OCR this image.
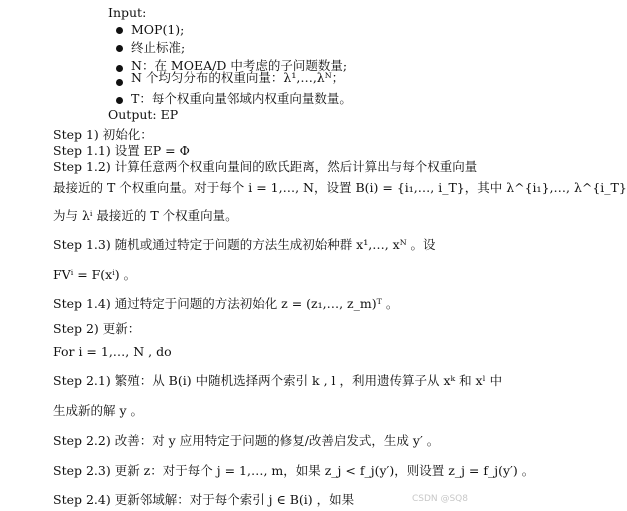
Input:
MOP(1);
终止标准;
N：在 MOEA/D 中考虑的子问题数量;
N 个均匀分布的权重向量：λ¹,…,λᴺ；
T：每个权重向量邻域内权重向量数量。
Output: EP
Step 1) 初始化：
Step 1.1) 设置 EP = Φ
Step 1.2) 计算任意两个权重向量间的欧氏距离，然后计算出与每个权重向量
最接近的 T 个权重向量。对于每个 i = 1,…, N，设置 B(i) = {i₁,…, i_T}，其中 λ^{i₁},…, λ^{i_T}
为与 λⁱ 最接近的 T 个权重向量。
Step 1.3) 随机或通过特定于问题的方法生成初始种群 x¹,…, xᴺ 。设
FVⁱ = F(xⁱ) 。
Step 1.4) 通过特定于问题的方法初始化 z = (z₁,…, z_m)ᵀ 。
Step 2) 更新：
For i = 1,…, N , do
Step 2.1) 繁殖：从 B(i) 中随机选择两个索引 k , l ，利用遗传算子从 xᵏ 和 xˡ 中
生成新的解 y 。
Step 2.2) 改善：对 y 应用特定于问题的修复/改善启发式，生成 y′ 。
Step 2.3) 更新 z：对于每个 j = 1,…, m，如果 z_j < f_j(y′)，则设置 z_j = f_j(y′) 。
Step 2.4) 更新邻域解：对于每个索引 j ∈ B(i) ，如果	CSDN @SQ8
